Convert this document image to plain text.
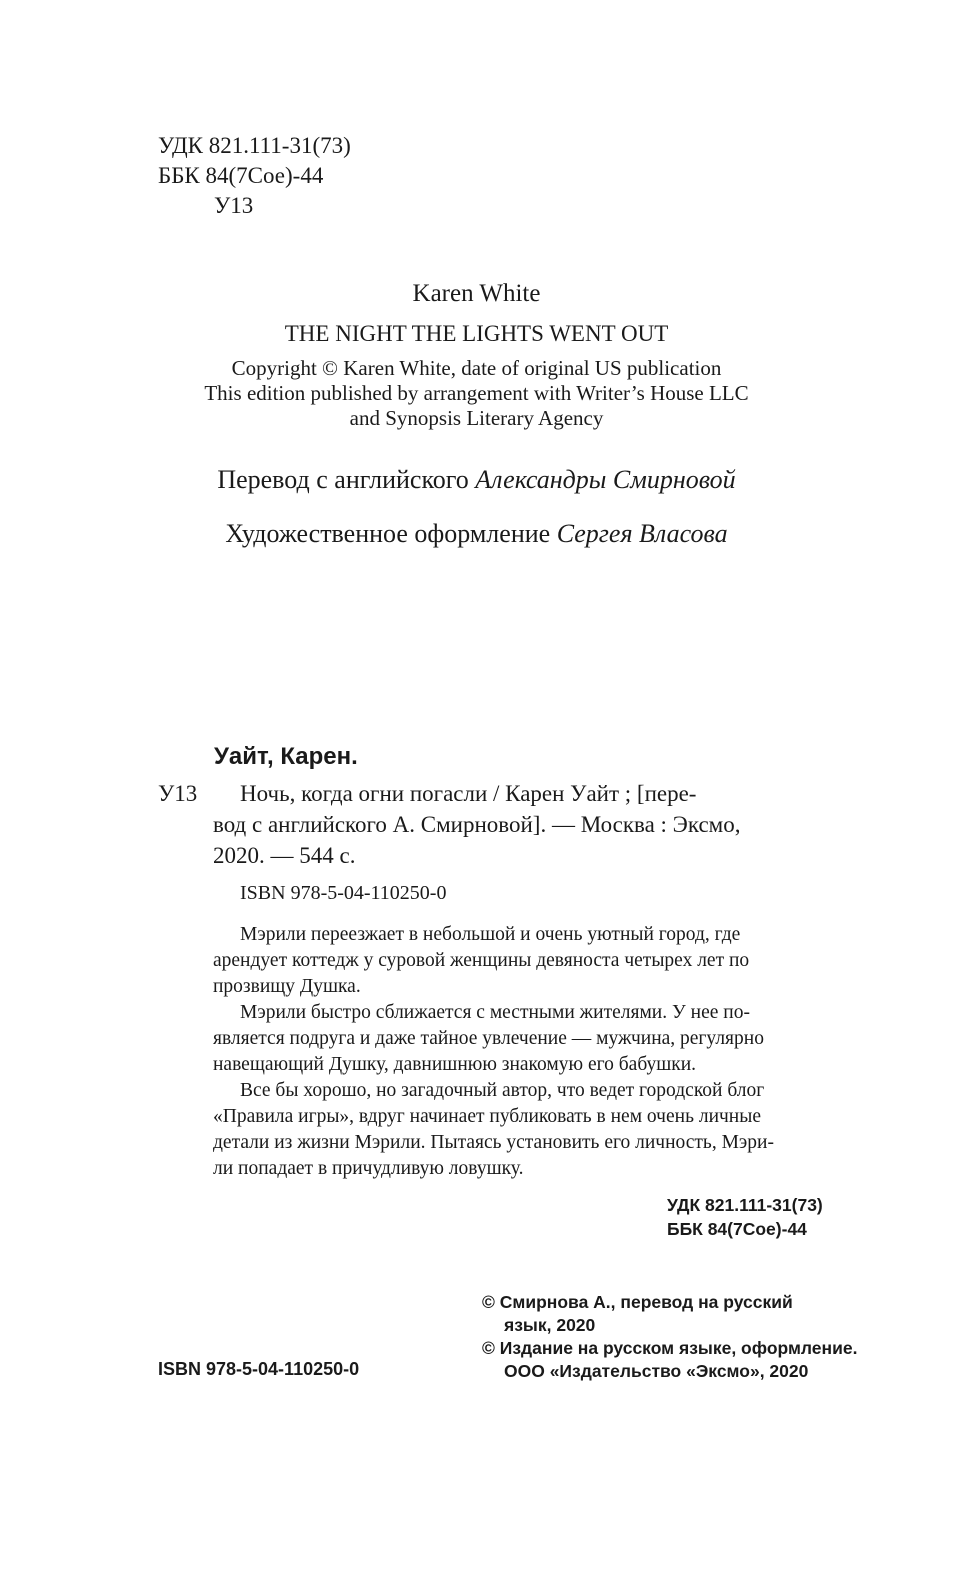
УДК 821.111-31(73)
ББК 84(7Сое)-44
У13
Karen White
THE NIGHT THE LIGHTS WENT OUT
Copyright © Karen White, date of original US publication
This edition published by arrangement with Writer’s House LLC
and Synopsis Literary Agency
Перевод с английского Александры Смирновой
Художественное оформление Сергея Власова
Уайт, Карен.
У13 Ночь, когда огни погасли / Карен Уайт ; [пере-
вод с английского А. Смирновой]. — Москва : Эксмо,
2020. — 544 с.
ISBN 978-5-04-110250-0
Мэрили переезжает в небольшой и очень уютный город, где
арендует коттедж у суровой женщины девяноста четырех лет по
прозвищу Душка.
Мэрили быстро сближается с местными жителями. У нее по-
является подруга и даже тайное увлечение — мужчина, регулярно
навещающий Душку, давнишнюю знакомую его бабушки.
Все бы хорошо, но загадочный автор, что ведет городской блог
«Правила игры», вдруг начинает публиковать в нем очень личные
детали из жизни Мэрили. Пытаясь установить его личность, Мэри-
ли попадает в причудливую ловушку.
УДК 821.111-31(73)
ББК 84(7Сое)-44
© Смирнова А., перевод на русский
язык, 2020
© Издание на русском языке, оформление.
ООО «Издательство «Эксмо», 2020
ISBN 978-5-04-110250-0
